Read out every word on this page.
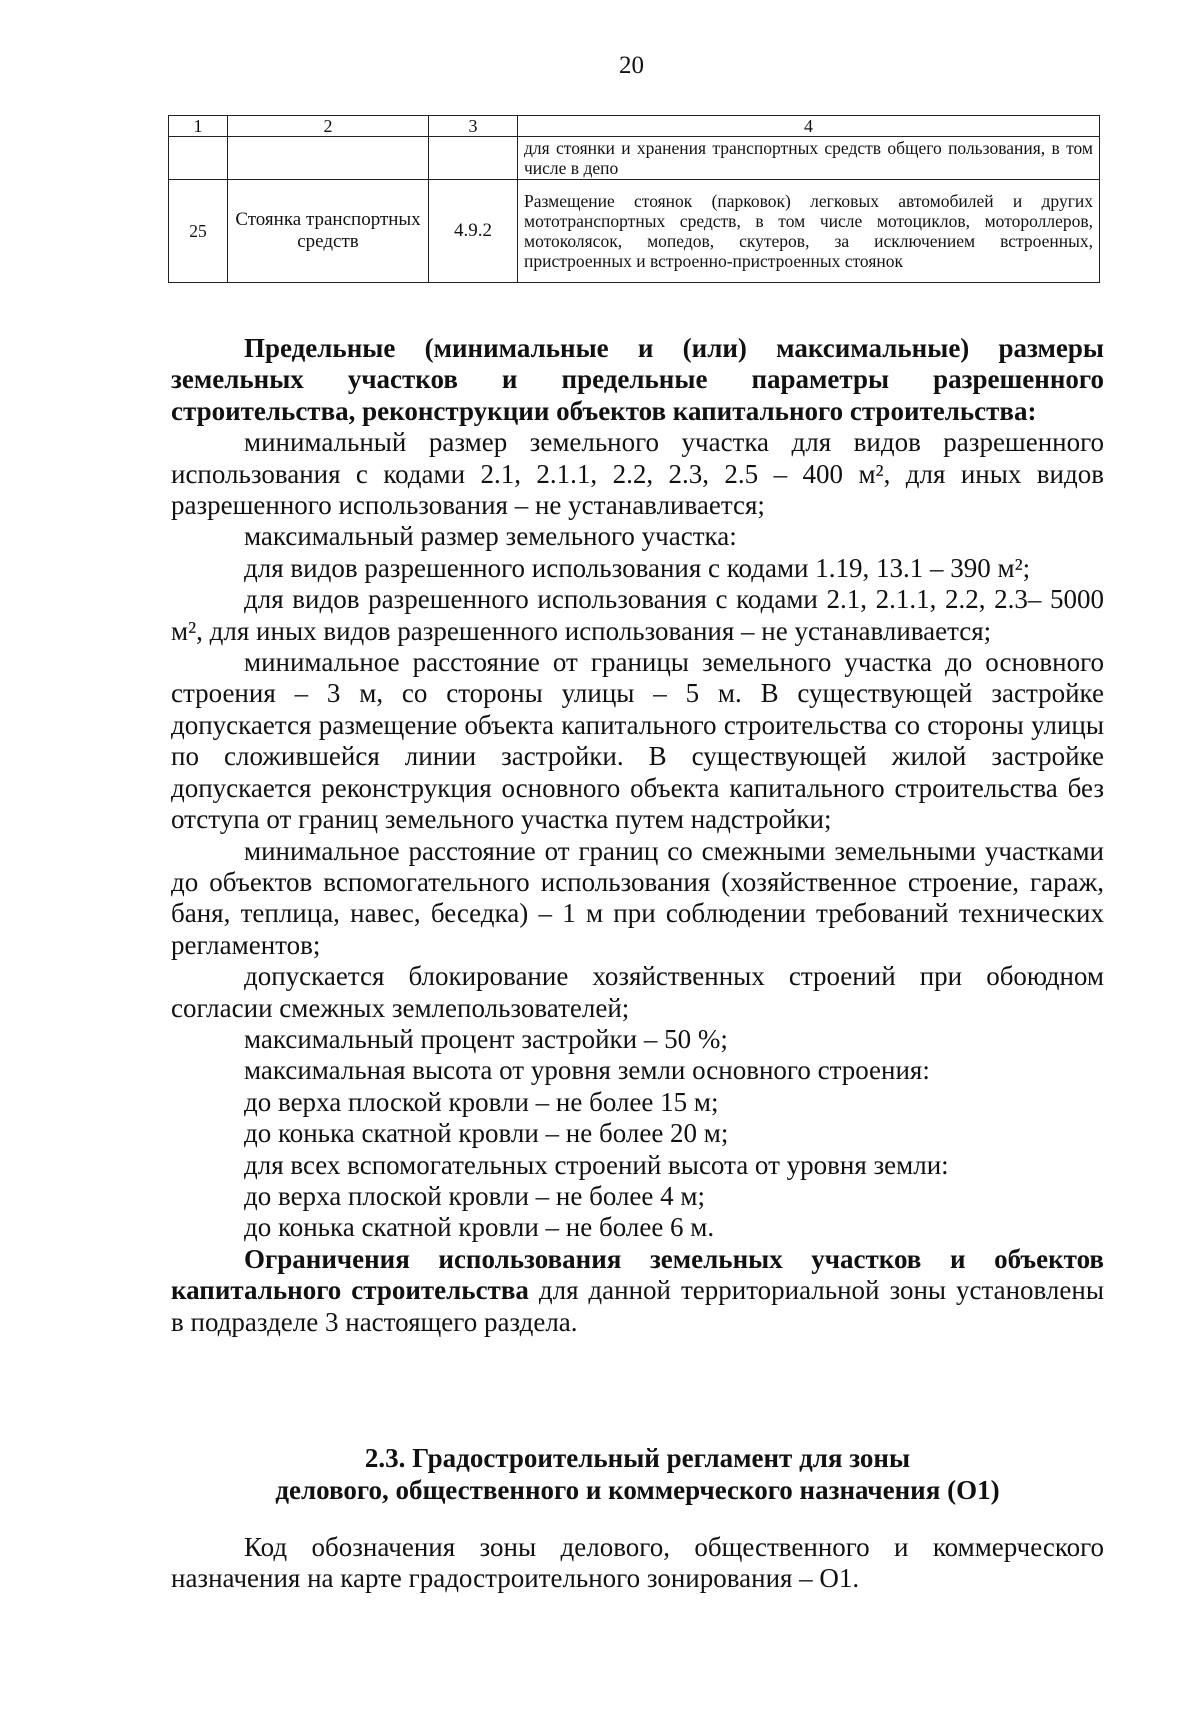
20
1	2	3	4
			для стоянки и хранения транспортных средств общего пользования, в том числе в депо
25	Стоянка транспортных средств	4.9.2	Размещение стоянок (парковок) легковых автомобилей и других мототранспортных средств, в том числе мотоциклов, мотороллеров, мотоколясок, мопедов, скутеров, за исключением встроенных, пристроенных и встроенно-пристроенных стоянок

Предельные (минимальные и (или) максимальные) размеры земельных участков и предельные параметры разрешенного строительства, реконструкции объектов капитального строительства:

минимальный размер земельного участка для видов разрешенного использования с кодами 2.1, 2.1.1, 2.2, 2.3, 2.5 – 400 м², для иных видов разрешенного использования – не устанавливается;

максимальный размер земельного участка:

для видов разрешенного использования с кодами 1.19, 13.1 – 390 м²;

для видов разрешенного использования с кодами 2.1, 2.1.1, 2.2, 2.3– 5000 м², для иных видов разрешенного использования – не устанавливается;

минимальное расстояние от границы земельного участка до основного строения – 3 м, со стороны улицы – 5 м. В существующей застройке допускается размещение объекта капитального строительства со стороны улицы по сложившейся линии застройки. В существующей жилой застройке допускается реконструкция основного объекта капитального строительства без отступа от границ земельного участка путем надстройки;

минимальное расстояние от границ со смежными земельными участками до объектов вспомогательного использования (хозяйственное строение, гараж, баня, теплица, навес, беседка) – 1 м при соблюдении требований технических регламентов;

допускается блокирование хозяйственных строений при обоюдном согласии смежных землепользователей;

максимальный процент застройки – 50 %;

максимальная высота от уровня земли основного строения:

до верха плоской кровли – не более 15 м;

до конька скатной кровли – не более 20 м;

для всех вспомогательных строений высота от уровня земли:

до верха плоской кровли – не более 4 м;

до конька скатной кровли – не более 6 м.

Ограничения использования земельных участков и объектов капитального строительства для данной территориальной зоны установлены в подразделе 3 настоящего раздела.

2.3. Градостроительный регламент для зоны

делового, общественного и коммерческого назначения (О1)

Код обозначения зоны делового, общественного и коммерческого назначения на карте градостроительного зонирования – О1.
